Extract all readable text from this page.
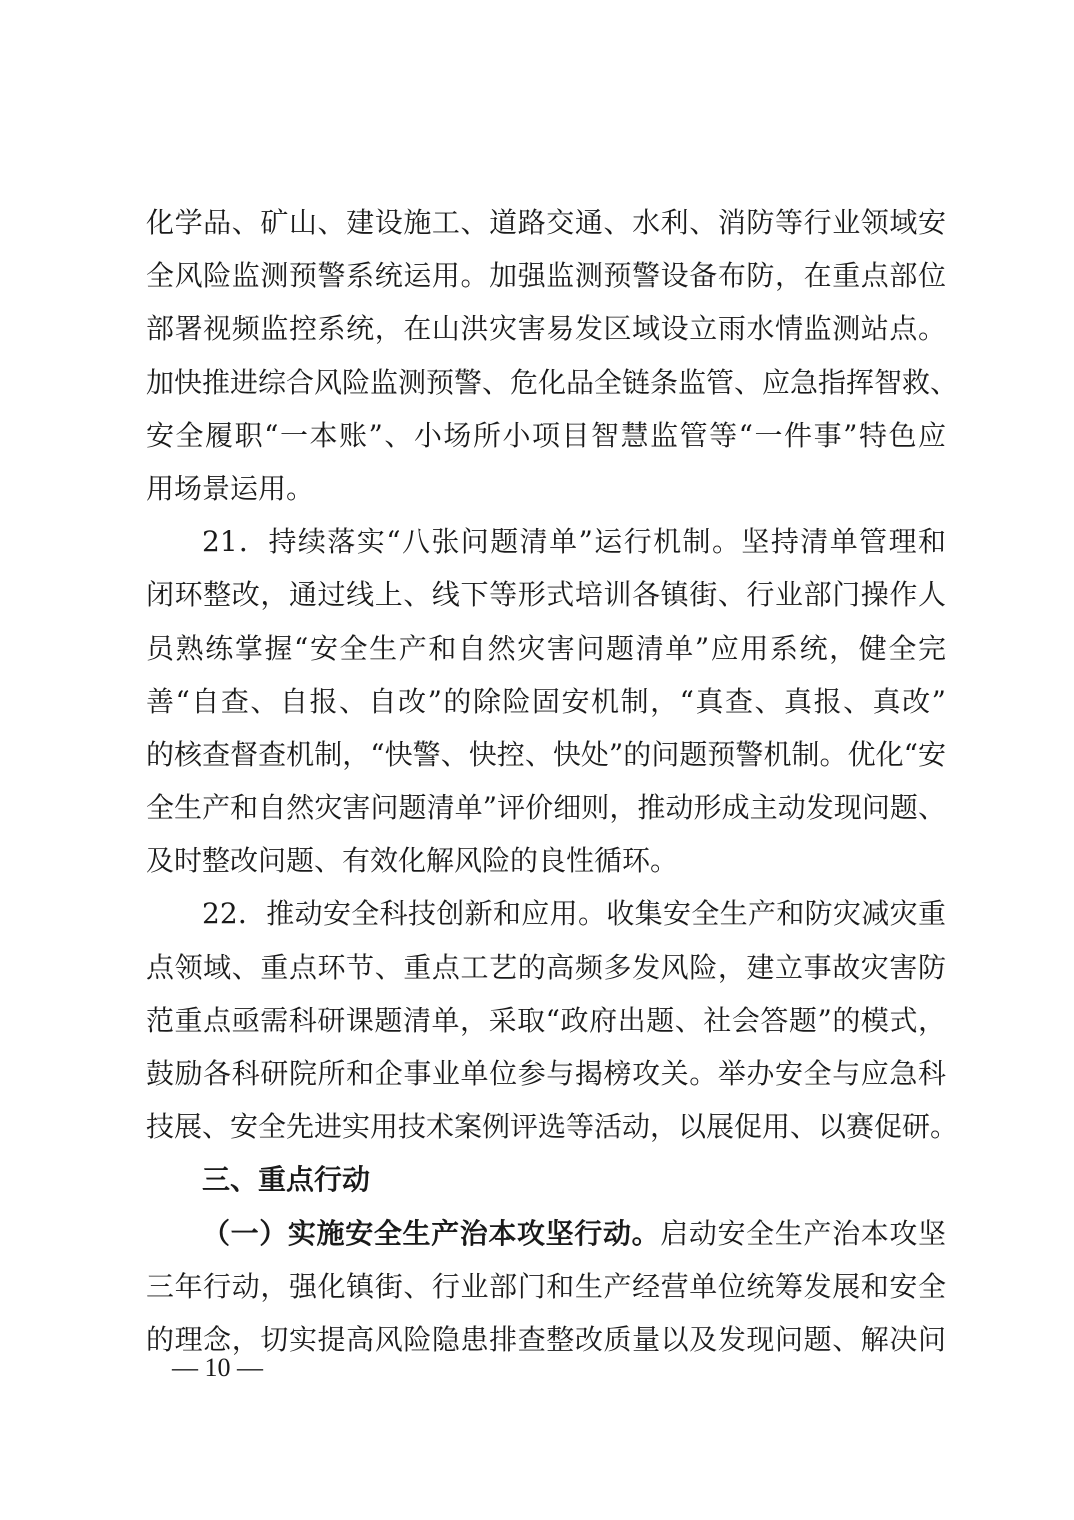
化学品、矿山、建设施工、道路交通、水利、消防等行业领域安
全风险监测预警系统运用。加强监测预警设备布防，在重点部位
部署视频监控系统，在山洪灾害易发区域设立雨水情监测站点。
加快推进综合风险监测预警、危化品全链条监管、应急指挥智救、
安全履职“一本账”、小场所小项目智慧监管等“一件事”特色应
用场景运用。
21．持续落实“八张问题清单”运行机制。坚持清单管理和
闭环整改，通过线上、线下等形式培训各镇街、行业部门操作人
员熟练掌握“安全生产和自然灾害问题清单”应用系统，健全完
善“自查、自报、自改”的除险固安机制，“真查、真报、真改”
的核查督查机制，“快警、快控、快处”的问题预警机制。优化“安
全生产和自然灾害问题清单”评价细则，推动形成主动发现问题、
及时整改问题、有效化解风险的良性循环。
22．推动安全科技创新和应用。收集安全生产和防灾减灾重
点领域、重点环节、重点工艺的高频多发风险，建立事故灾害防
范重点亟需科研课题清单，采取“政府出题、社会答题”的模式，
鼓励各科研院所和企事业单位参与揭榜攻关。举办安全与应急科
技展、安全先进实用技术案例评选等活动，以展促用、以赛促研。
三、重点行动
（一）实施安全生产治本攻坚行动。启动安全生产治本攻坚
三年行动，强化镇街、行业部门和生产经营单位统筹发展和安全
的理念，切实提高风险隐患排查整改质量以及发现问题、解决问
— 10 —
